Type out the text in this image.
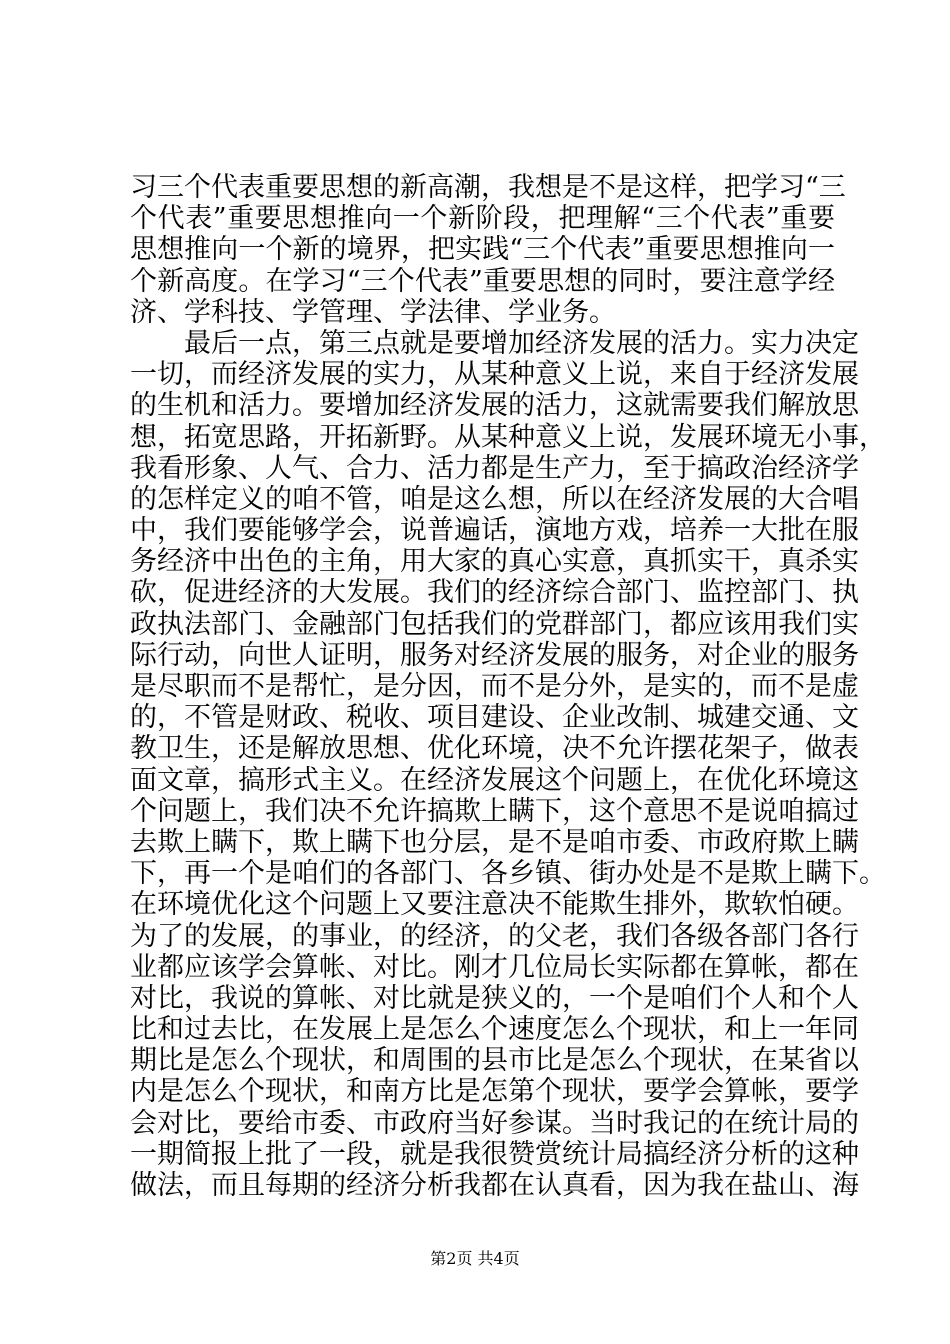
习三个代表重要思想的新高潮，我想是不是这样，把学习“三
个代表”重要思想推向一个新阶段，把理解“三个代表”重要
思想推向一个新的境界，把实践“三个代表”重要思想推向一
个新高度。在学习“三个代表”重要思想的同时，要注意学经
济、学科技、学管理、学法律、学业务。
最后一点，第三点就是要增加经济发展的活力。实力决定
一切，而经济发展的实力，从某种意义上说，来自于经济发展
的生机和活力。要增加经济发展的活力，这就需要我们解放思
想，拓宽思路，开拓新野。从某种意义上说，发展环境无小事，
我看形象、人气、合力、活力都是生产力，至于搞政治经济学
的怎样定义的咱不管，咱是这么想，所以在经济发展的大合唱
中，我们要能够学会，说普遍话，演地方戏，培养一大批在服
务经济中出色的主角，用大家的真心实意，真抓实干，真杀实
砍，促进经济的大发展。我们的经济综合部门、监控部门、执
政执法部门、金融部门包括我们的党群部门，都应该用我们实
际行动，向世人证明，服务对经济发展的服务，对企业的服务
是尽职而不是帮忙，是分因，而不是分外，是实的，而不是虚
的，不管是财政、税收、项目建设、企业改制、城建交通、文
教卫生，还是解放思想、优化环境，决不允许摆花架子，做表
面文章，搞形式主义。在经济发展这个问题上，在优化环境这
个问题上，我们决不允许搞欺上瞒下，这个意思不是说咱搞过
去欺上瞒下，欺上瞒下也分层，是不是咱市委、市政府欺上瞒
下，再一个是咱们的各部门、各乡镇、街办处是不是欺上瞒下。
在环境优化这个问题上又要注意决不能欺生排外，欺软怕硬。
为了的发展，的事业，的经济，的父老，我们各级各部门各行
业都应该学会算帐、对比。刚才几位局长实际都在算帐，都在
对比，我说的算帐、对比就是狭义的，一个是咱们个人和个人
比和过去比，在发展上是怎么个速度怎么个现状，和上一年同
期比是怎么个现状，和周围的县市比是怎么个现状，在某省以
内是怎么个现状，和南方比是怎第个现状，要学会算帐，要学
会对比，要给市委、市政府当好参谋。当时我记的在统计局的
一期简报上批了一段，就是我很赞赏统计局搞经济分析的这种
做法，而且每期的经济分析我都在认真看，因为我在盐山、海
第2页 共4页
